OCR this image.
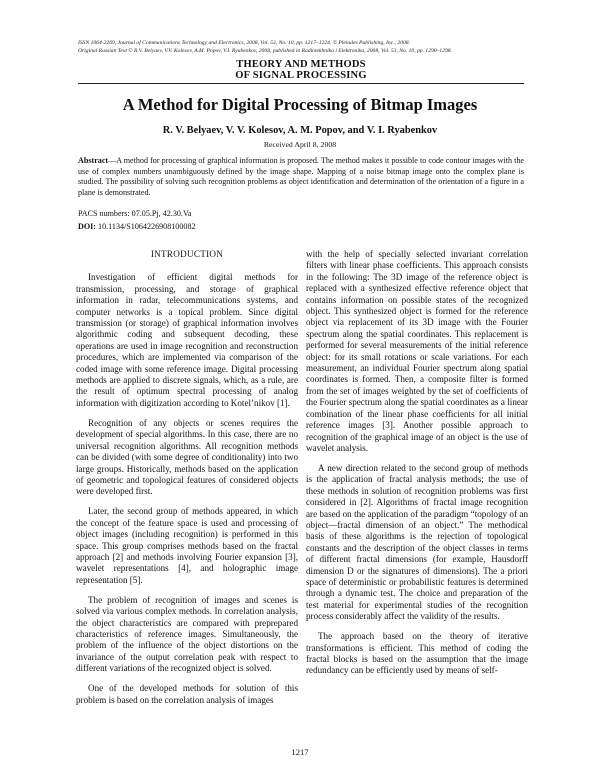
ISSN 1064-2269, Journal of Communications Technology and Electronics, 2008, Vol. 53, No. 10, pp. 1217–1224. © Pleiades Publishing, Inc., 2008.
Original Russian Text © R.V. Belyaev, V.V. Kolesov, A.M. Popov, V.I. Ryabenkov, 2008, published in Radiotekhnika i Elektronika, 2008, Vol. 53, No. 10, pp. 1290–1298.
THEORY AND METHODS
OF SIGNAL PROCESSING
A Method for Digital Processing of Bitmap Images
R. V. Belyaev, V. V. Kolesov, A. M. Popov, and V. I. Ryabenkov
Received April 8, 2008

Abstract—A method for processing of graphical information is proposed. The method makes it possible to code contour images with the use of complex numbers unambiguously defined by the image shape. Mapping of a noise bitmap image onto the complex plane is studied. The possibility of solving such recognition problems as object identification and determination of the orientation of a figure in a plane is demonstrated.

PACS numbers: 07.05.Pj, 42.30.Va

DOI: 10.1134/S1064226908100082

INTRODUCTION

Investigation of efficient digital methods for transmission, processing, and storage of graphical information in radar, telecommunications systems, and computer networks is a topical problem. Since digital transmission (or storage) of graphical information involves algorithmic coding and subsequent decoding, these operations are used in image recognition and reconstruction procedures, which are implemented via comparison of the coded image with some reference image. Digital processing methods are applied to discrete signals, which, as a rule, are the result of optimum spectral processing of analog information with digitization according to Kotel’nikov [1].

Recognition of any objects or scenes requires the development of special algorithms. In this case, there are no universal recognition algorithms. All recognition methods can be divided (with some degree of conditionality) into two large groups. Historically, methods based on the application of geometric and topological features of considered objects were developed first.

Later, the second group of methods appeared, in which the concept of the feature space is used and processing of object images (including recognition) is performed in this space. This group comprises methods based on the fractal approach [2] and methods involving Fourier expansion [3], wavelet representations [4], and holographic image representation [5].

The problem of recognition of images and scenes is solved via various complex methods. In correlation analysis, the object characteristics are compared with preprepared characteristics of reference images. Simultaneously, the problem of the influence of the object distortions on the invariance of the output correlation peak with respect to different variations of the recognized object is solved.

One of the developed methods for solution of this problem is based on the correlation analysis of images

with the help of specially selected invariant correlation filters with linear phase coefficients. This approach consists in the following: The 3D image of the reference object is replaced with a synthesized effective reference object that contains information on possible states of the recognized object. This synthesized object is formed for the reference object via replacement of its 3D image with the Fourier spectrum along the spatial coordinates. This replacement is performed for several measurements of the initial reference object: for its small rotations or scale variations. For each measurement, an individual Fourier spectrum along spatial coordinates is formed. Then, a composite filter is formed from the set of images weighted by the set of coefficients of the Fourier spectrum along the spatial coordinates as a linear combination of the linear phase coefficients for all initial reference images [3]. Another possible approach to recognition of the graphical image of an object is the use of wavelet analysis.

A new direction related to the second group of methods is the application of fractal analysis methods; the use of these methods in solution of recognition problems was first considered in [2]. Algorithms of fractal image recognition are based on the application of the paradigm “topology of an object—fractal dimension of an object.” The methodical basis of these algorithms is the rejection of topological constants and the description of the object classes in terms of different fractal dimensions (for example, Hausdorff dimension D or the signatures of dimensions). The a priori space of deterministic or probabilistic features is determined through a dynamic test. The choice and preparation of the test material for experimental studies of the recognition process considerably affect the validity of the results.

The approach based on the theory of iterative transformations is efficient. This method of coding the fractal blocks is based on the assumption that the image redundancy can be efficiently used by means of self-

1217
